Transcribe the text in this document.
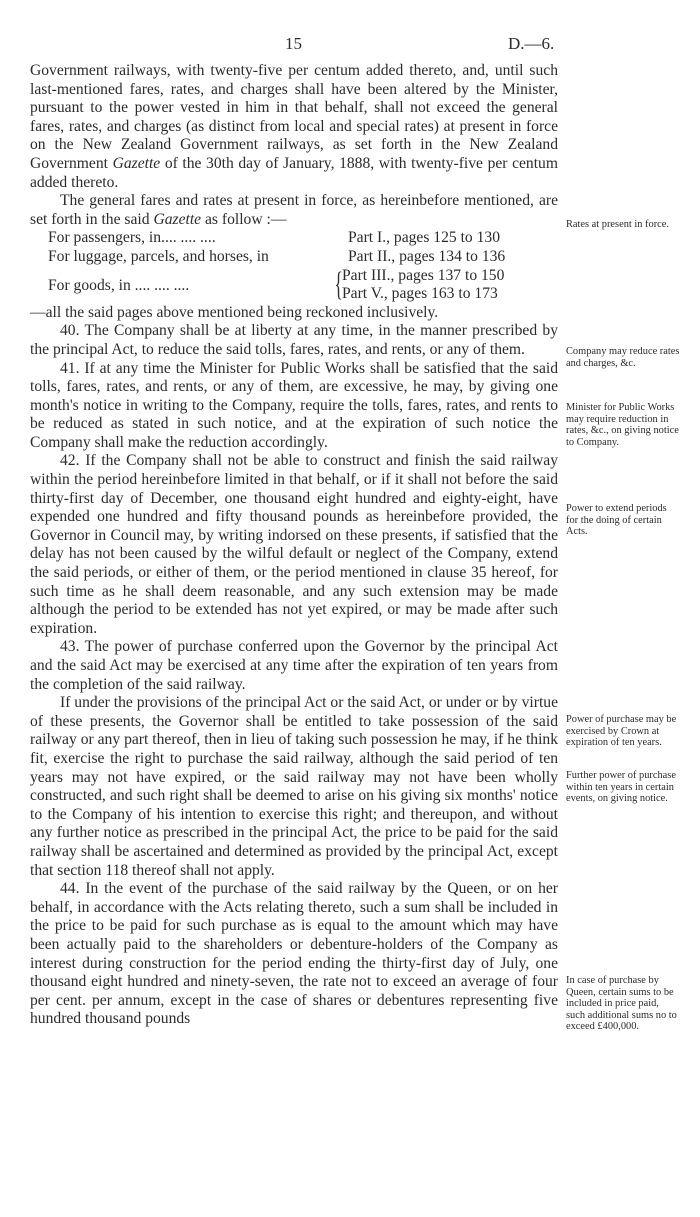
15	D.—6.

Government railways, with twenty-five per centum added thereto, and, until such last-mentioned fares, rates, and charges shall have been altered by the Minister, pursuant to the power vested in him in that behalf, shall not exceed the general fares, rates, and charges (as distinct from local and special rates) at present in force on the New Zealand Government railways, as set forth in the New Zealand Government Gazette of the 30th day of January, 1888, with twenty-five per centum added thereto.

The general fares and rates at present in force, as hereinbefore mentioned, are set forth in the said Gazette as follow :—

For passengers, in.... .... ....	Part I., pages 125 to 130
For luggage, parcels, and horses, in	Part II., pages 134 to 136
For goods, in .... .... ....	{ Part III., pages 137 to 150
Part V., pages 163 to 173

—all the said pages above mentioned being reckoned inclusively.

40. The Company shall be at liberty at any time, in the manner prescribed by the principal Act, to reduce the said tolls, fares, rates, and rents, or any of them.

41. If at any time the Minister for Public Works shall be satisfied that the said tolls, fares, rates, and rents, or any of them, are excessive, he may, by giving one month's notice in writing to the Company, require the tolls, fares, rates, and rents to be reduced as stated in such notice, and at the expiration of such notice the Company shall make the reduction accordingly.

42. If the Company shall not be able to construct and finish the said railway within the period hereinbefore limited in that behalf, or if it shall not before the said thirty-first day of December, one thousand eight hundred and eighty-eight, have expended one hundred and fifty thousand pounds as hereinbefore provided, the Governor in Council may, by writing indorsed on these presents, if satisfied that the delay has not been caused by the wilful default or neglect of the Company, extend the said periods, or either of them, or the period mentioned in clause 35 hereof, for such time as he shall deem reasonable, and any such extension may be made although the period to be extended has not yet expired, or may be made after such expiration.

43. The power of purchase conferred upon the Governor by the principal Act and the said Act may be exercised at any time after the expiration of ten years from the completion of the said railway.

If under the provisions of the principal Act or the said Act, or under or by virtue of these presents, the Governor shall be entitled to take possession of the said railway or any part thereof, then in lieu of taking such possession he may, if he think fit, exercise the right to purchase the said railway, although the said period of ten years may not have expired, or the said railway may not have been wholly constructed, and such right shall be deemed to arise on his giving six months' notice to the Company of his intention to exercise this right; and thereupon, and without any further notice as prescribed in the principal Act, the price to be paid for the said railway shall be ascertained and determined as provided by the principal Act, except that section 118 thereof shall not apply.

44. In the event of the purchase of the said railway by the Queen, or on her behalf, in accordance with the Acts relating thereto, such a sum shall be included in the price to be paid for such purchase as is equal to the amount which may have been actually paid to the shareholders or debenture-holders of the Company as interest during construction for the period ending the thirty-first day of July, one thousand eight hundred and ninety-seven, the rate not to exceed an average of four per cent. per annum, except in the case of shares or debentures representing five hundred thousand pounds

Rates at present in force.
Company may reduce rates and charges, &c.
Minister for Public Works may require reduction in rates, &c., on giving notice to Company.
Power to extend periods for the doing of certain Acts.
Power of purchase may be exercised by Crown at expiration of ten years.
Further power of purchase within ten years in certain events, on giving notice.
In case of purchase by Queen, certain sums to be included in price paid, such additional sums no to exceed £400,000.
